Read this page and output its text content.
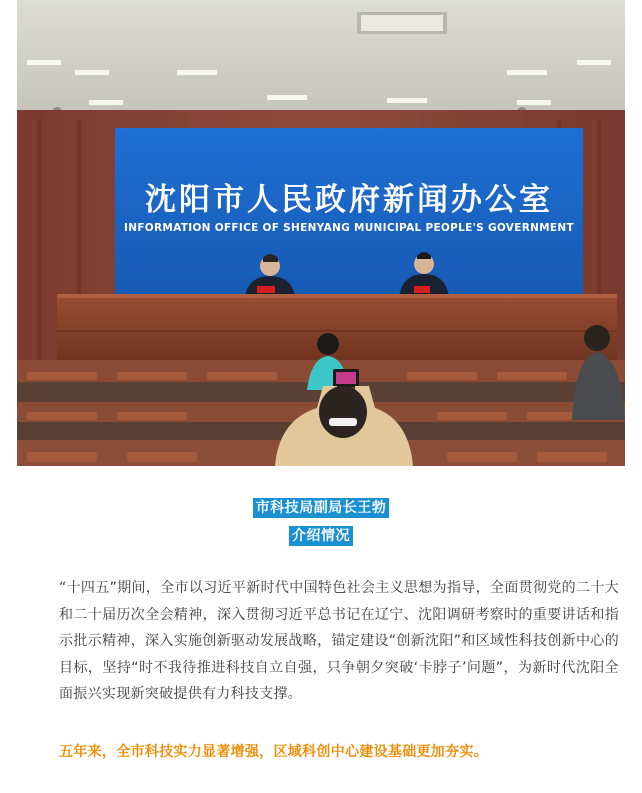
沈阳市人民政府新闻办公室
INFORMATION OFFICE OF SHENYANG MUNICIPAL PEOPLE'S GOVERNMENT
市科技局副局长王勃
介绍情况

“十四五”期间，全市以习近平新时代中国特色社会主义思想为指导，全面贯彻党的二十大和二十届历次全会精神，深入贯彻习近平总书记在辽宁、沈阳调研考察时的重要讲话和指示批示精神，深入实施创新驱动发展战略，锚定建设“创新沈阳”和区域性科技创新中心的目标，坚持“时不我待推进科技自立自强，只争朝夕突破‘卡脖子’问题”，为新时代沈阳全面振兴实现新突破提供有力科技支撑。

五年来，全市科技实力显著增强，区域科创中心建设基础更加夯实。
